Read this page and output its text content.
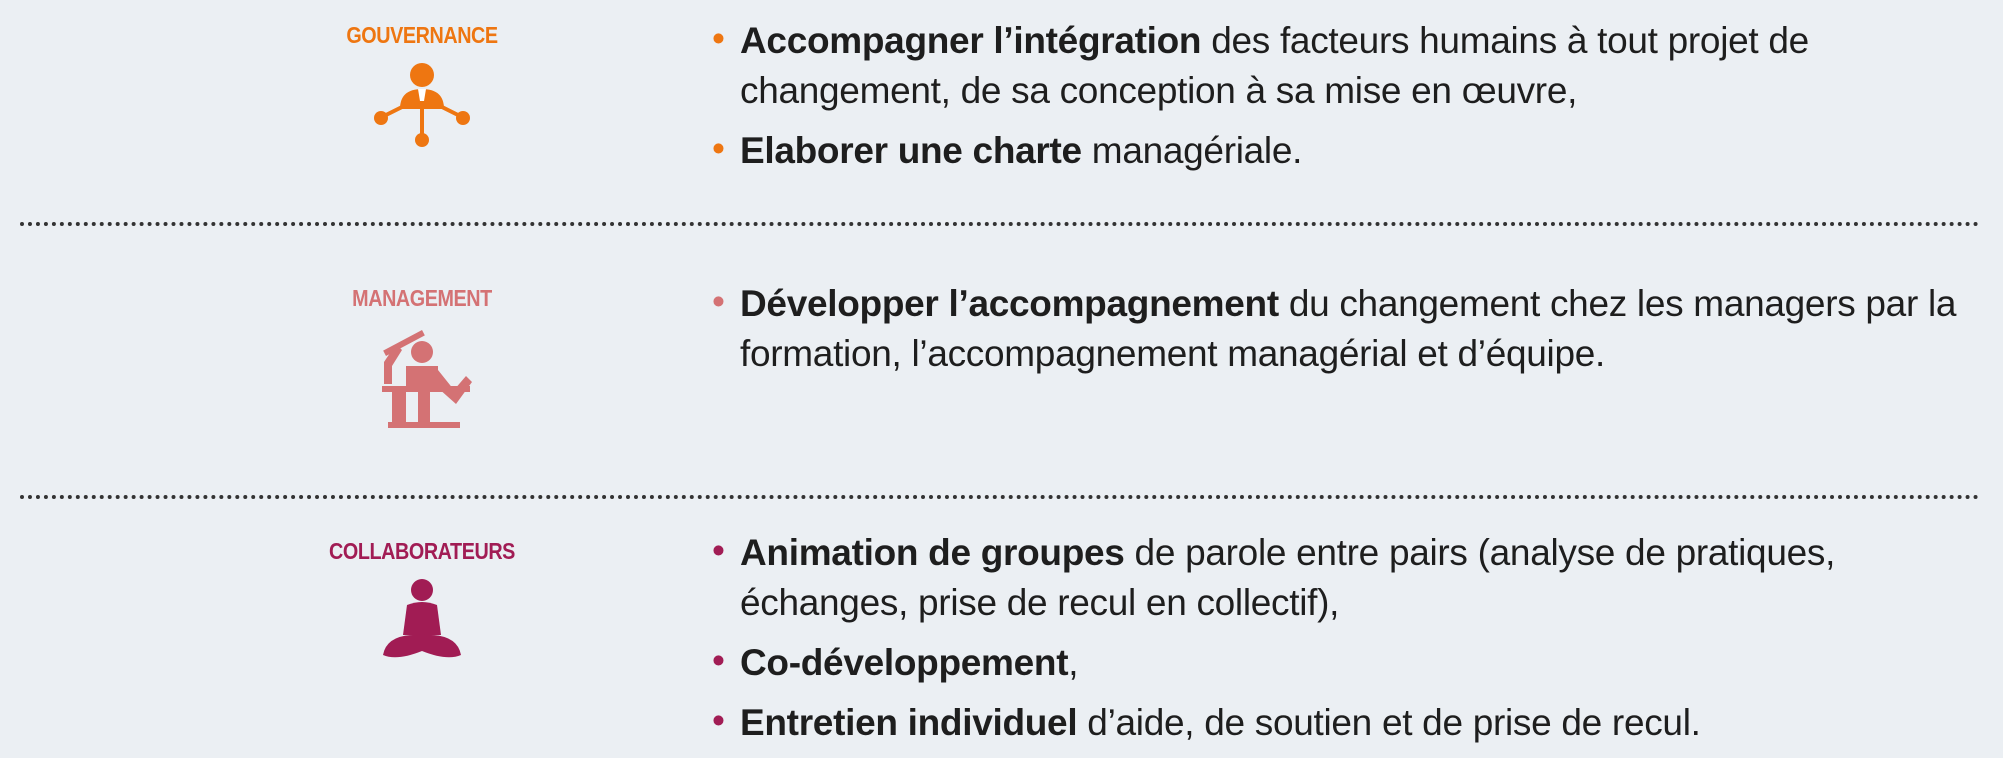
GOUVERNANCE	• Accompagner l’intégration des facteurs humains à tout projet de changement, de sa conception à sa mise en œuvre,
• Elaborer une charte managériale.
MANAGEMENT	• Développer l’accompagnement du changement chez les managers par la formation, l’accompagnement managérial et d’équipe.
COLLABORATEURS	• Animation de groupes de parole entre pairs (analyse de pratiques, échanges, prise de recul en collectif),
• Co-développement,
• Entretien individuel d’aide, de soutien et de prise de recul.
